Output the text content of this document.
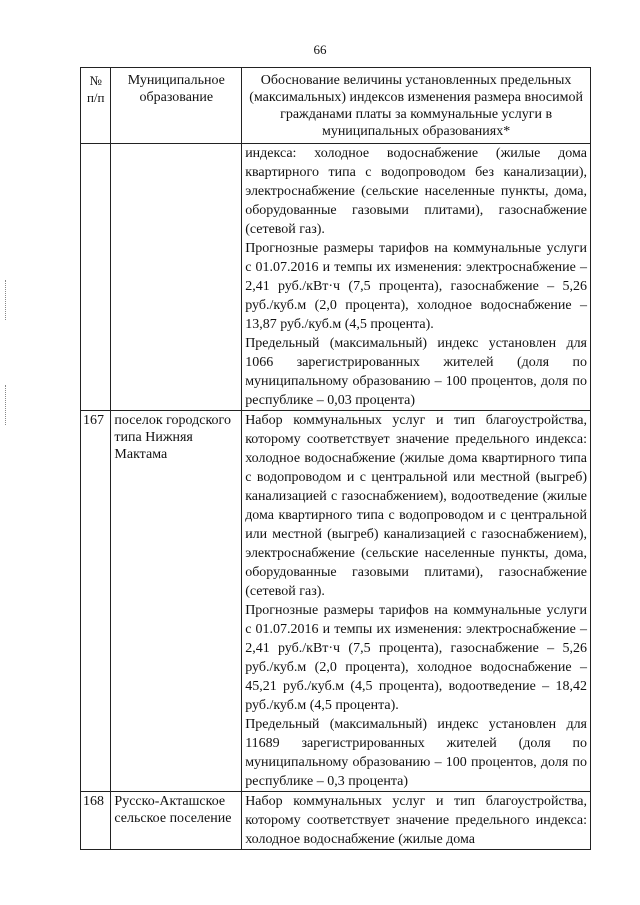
66
№ п/п	Муниципальное образование	Обоснование величины установленных предельных (максимальных) индексов изменения размера вносимой гражданами платы за коммунальные услуги в муниципальных образованиях*

		индекса: холодное водоснабжение (жилые дома квартирного типа с водопроводом без канализации), электроснабжение (сельские населенные пункты, дома, оборудованные газовыми плитами), газоснабжение (сетевой газ).
Прогнозные размеры тарифов на коммунальные услуги с 01.07.2016 и темпы их изменения: электроснабжение – 2,41 руб./кВт·ч (7,5 процента), газоснабжение – 5,26 руб./куб.м (2,0 процента), холодное водоснабжение – 13,87 руб./куб.м (4,5 процента).
Предельный (максимальный) индекс установлен для 1066 зарегистрированных жителей (доля по муниципальному образованию – 100 процентов, доля по республике – 0,03 процента)

167	поселок городского типа Нижняя Мактама	Набор коммунальных услуг и тип благоустройства, которому соответствует значение предельного индекса: холодное водоснабжение (жилые дома квартирного типа с водопроводом и с центральной или местной (выгреб) канализацией с газоснабжением), водоотведение (жилые дома квартирного типа с водопроводом и с центральной или местной (выгреб) канализацией с газоснабжением), электроснабжение (сельские населенные пункты, дома, оборудованные газовыми плитами), газоснабжение (сетевой газ).
Прогнозные размеры тарифов на коммунальные услуги с 01.07.2016 и темпы их изменения: электроснабжение – 2,41 руб./кВт·ч (7,5 процента), газоснабжение – 5,26 руб./куб.м (2,0 процента), холодное водоснабжение – 45,21 руб./куб.м (4,5 процента), водоотведение – 18,42 руб./куб.м (4,5 процента).
Предельный (максимальный) индекс установлен для 11689 зарегистрированных жителей (доля по муниципальному образованию – 100 процентов, доля по республике – 0,3 процента)

168	Русско-Акташское сельское поселение	Набор коммунальных услуг и тип благоустройства, которому соответствует значение предельного индекса: холодное водоснабжение (жилые дома
